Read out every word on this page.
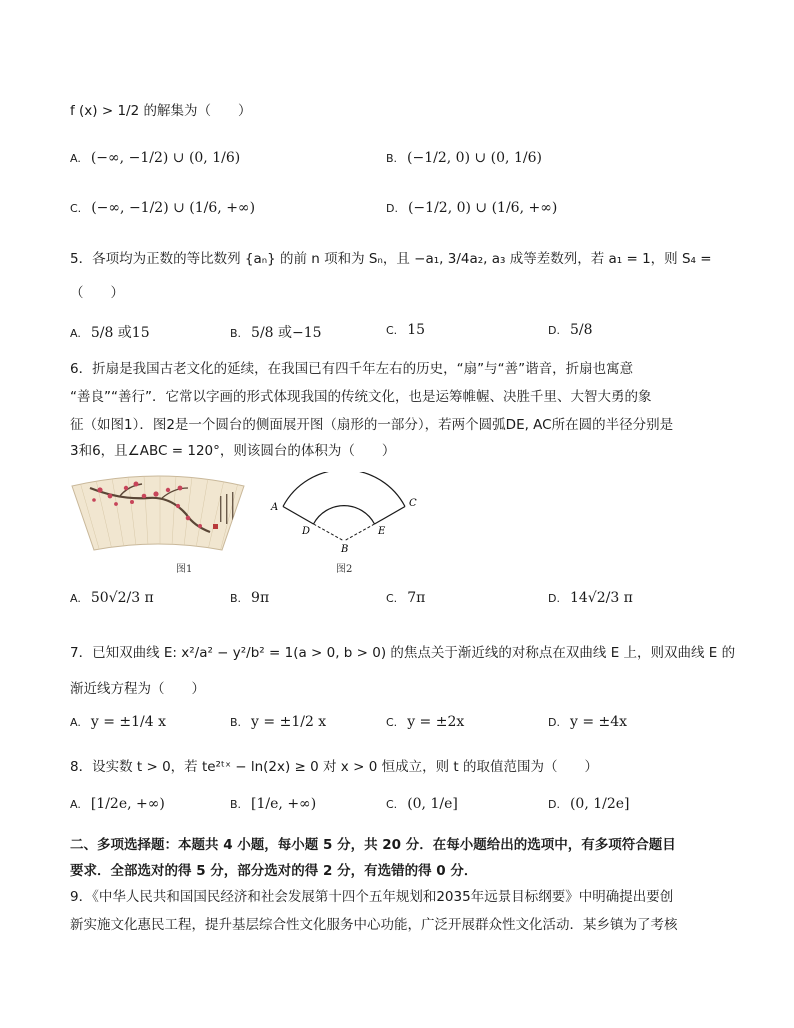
f (x) > 1/2 的解集为（　　）
A. (−∞, −1/2) ∪ (0, 1/6)	B. (−1/2, 0) ∪ (0, 1/6)
C. (−∞, −1/2) ∪ (1/6, +∞)	D. (−1/2, 0) ∪ (1/6, +∞)
5．各项均为正数的等比数列 {aₙ} 的前 n 项和为 Sₙ，且 −a₁, 3/4a₂, a₃ 成等差数列，若 a₁ = 1，则 S₄ =
（　　）
A. 5/8 或15	B. 5/8 或−15	C. 15	D. 5/8
6．折扇是我国古老文化的延续，在我国已有四千年左右的历史，“扇”与“善”谐音，折扇也寓意
“善良”“善行”．它常以字画的形式体现我国的传统文化，也是运筹帷幄、决胜千里、大智大勇的象
征（如图1）．图2是一个圆台的侧面展开图（扇形的一部分），若两个圆弧DE, AC所在圆的半径分别是
3和6，且∠ABC = 120°，则该圆台的体积为（　　）
图1
A	C
D	E
B
图2
A. 50√2/3 π	B. 9π	C. 7π	D. 14√2/3 π
7．已知双曲线 E: x²/a² − y²/b² = 1(a > 0, b > 0) 的焦点关于渐近线的对称点在双曲线 E 上，则双曲线 E 的
渐近线方程为（　　）
A. y = ±1/4 x	B. y = ±1/2 x	C. y = ±2x	D. y = ±4x
8．设实数 t > 0，若 te²ᵗˣ − ln(2x) ≥ 0 对 x > 0 恒成立，则 t 的取值范围为（　　）
A. [1/2e, +∞)	B. [1/e, +∞)	C. (0, 1/e]	D. (0, 1/2e]
二、多项选择题：本题共 4 小题，每小题 5 分，共 20 分．在每小题给出的选项中，有多项符合题目
要求．全部选对的得 5 分，部分选对的得 2 分，有选错的得 0 分．
9．《中华人民共和国国民经济和社会发展第十四个五年规划和2035年远景目标纲要》中明确提出要创
新实施文化惠民工程，提升基层综合性文化服务中心功能，广泛开展群众性文化活动．某乡镇为了考核
